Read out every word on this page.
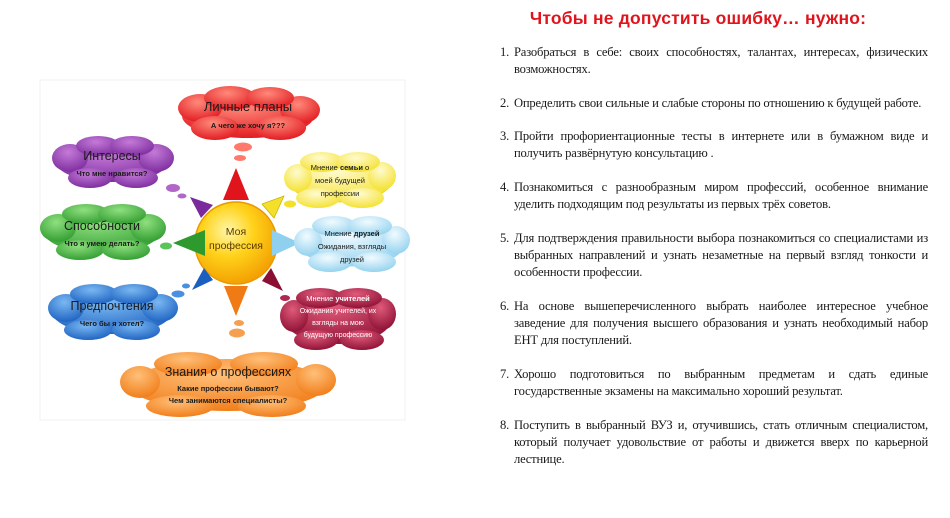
Моя
профессия
Личные планы
А чего же хочу я???
Интересы
Что мне нравится?
Способности
Что я умею делать?
Предпочтения
Чего бы я хотел?
Знания о профессиях
Какие профессии бывают?
Чем занимаются специалисты?
Мнение семьи о
моей будущей
профессии
Мнение друзей
Ожидания, взгляды
друзей
Мнение учителей
Ожидания учителей, их
взгляды на мою
будущую профессию
Чтобы не допустить ошибку… нужно:
1. Разобраться в себе: своих способностях, талантах, интересах, физических возможностях.
2. Определить свои сильные и слабые стороны по отношению к будущей работе.
3. Пройти профориентационные тесты в интернете или в бумажном виде и получить развёрнутую консультацию .
4. Познакомиться с разнообразным миром профессий, особенное внимание уделить подходящим под результаты из первых трёх советов.
5. Для подтверждения правильности выбора познакомиться со специалистами из выбранных направлений и узнать незаметные на первый взгляд тонкости и особенности профессии.
6. На основе вышеперечисленного выбрать наиболее интересное учебное заведение для получения высшего образования и узнать необходимый набор ЕНТ для поступлений.
7. Хорошо подготовиться по выбранным предметам и сдать единые государственные экзамены на максимально хороший результат.
8. Поступить в выбранный ВУЗ и, отучившись, стать отличным специалистом, который получает удовольствие от работы и движется вверх по карьерной лестнице.
